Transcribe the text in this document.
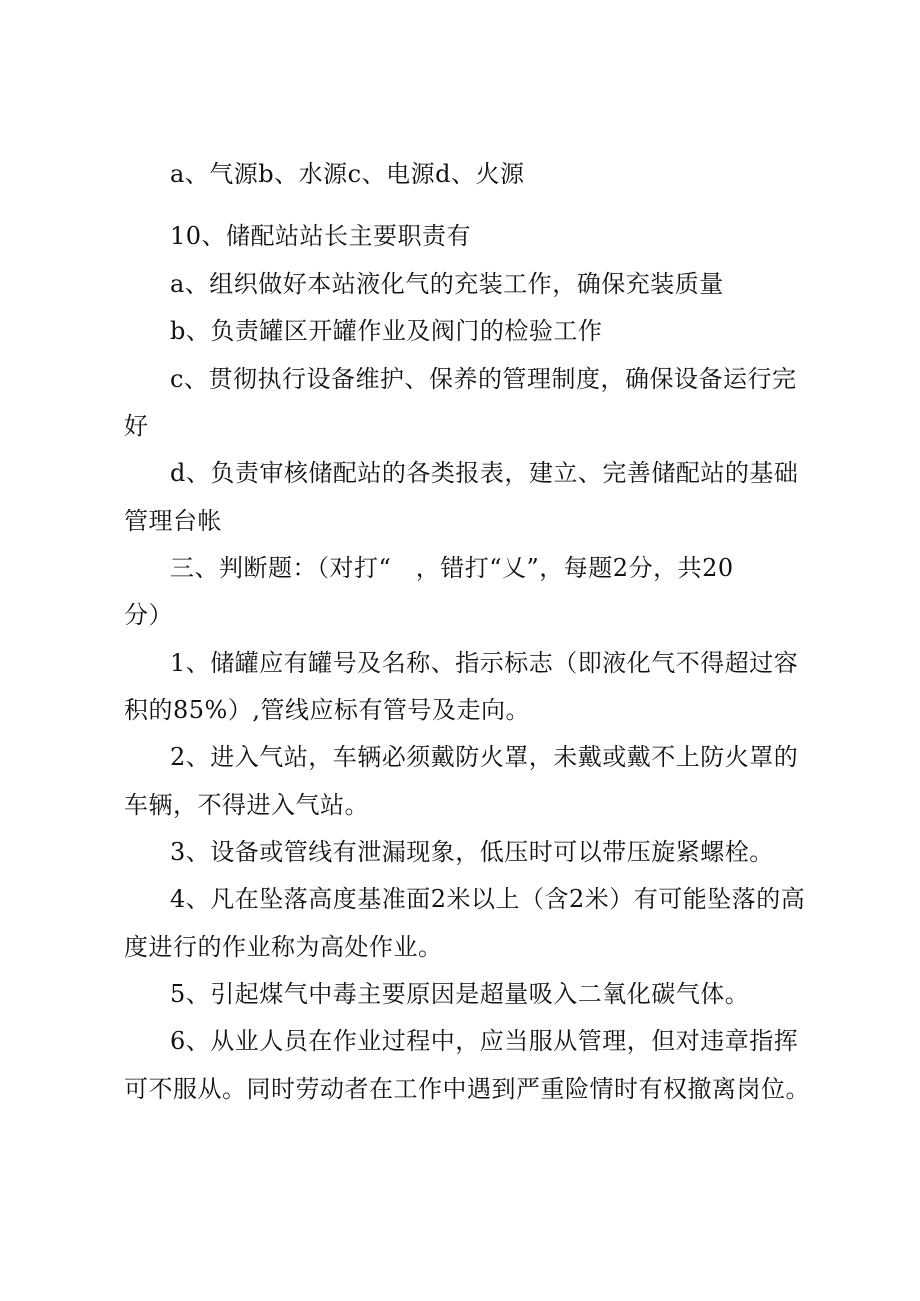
a、气源b、水源c、电源d、火源

10、储配站站长主要职责有

a、组织做好本站液化气的充装工作，确保充装质量

b、负责罐区开罐作业及阀门的检验工作

c、贯彻执行设备维护、保养的管理制度，确保设备运行完

好

d、负责审核储配站的各类报表，建立、完善储配站的基础

管理台帐

三、判断题：（对打“　，错打“乂”，每题2分，共20

分）

1、储罐应有罐号及名称、指示标志（即液化气不得超过容

积的85%）,管线应标有管号及走向。

2、进入气站，车辆必须戴防火罩，未戴或戴不上防火罩的

车辆，不得进入气站。

3、设备或管线有泄漏现象，低压时可以带压旋紧螺栓。

4、凡在坠落高度基准面2米以上（含2米）有可能坠落的高

度进行的作业称为高处作业。

5、引起煤气中毒主要原因是超量吸入二氧化碳气体。

6、从业人员在作业过程中，应当服从管理，但对违章指挥

可不服从。同时劳动者在工作中遇到严重险情时有权撤离岗位。
